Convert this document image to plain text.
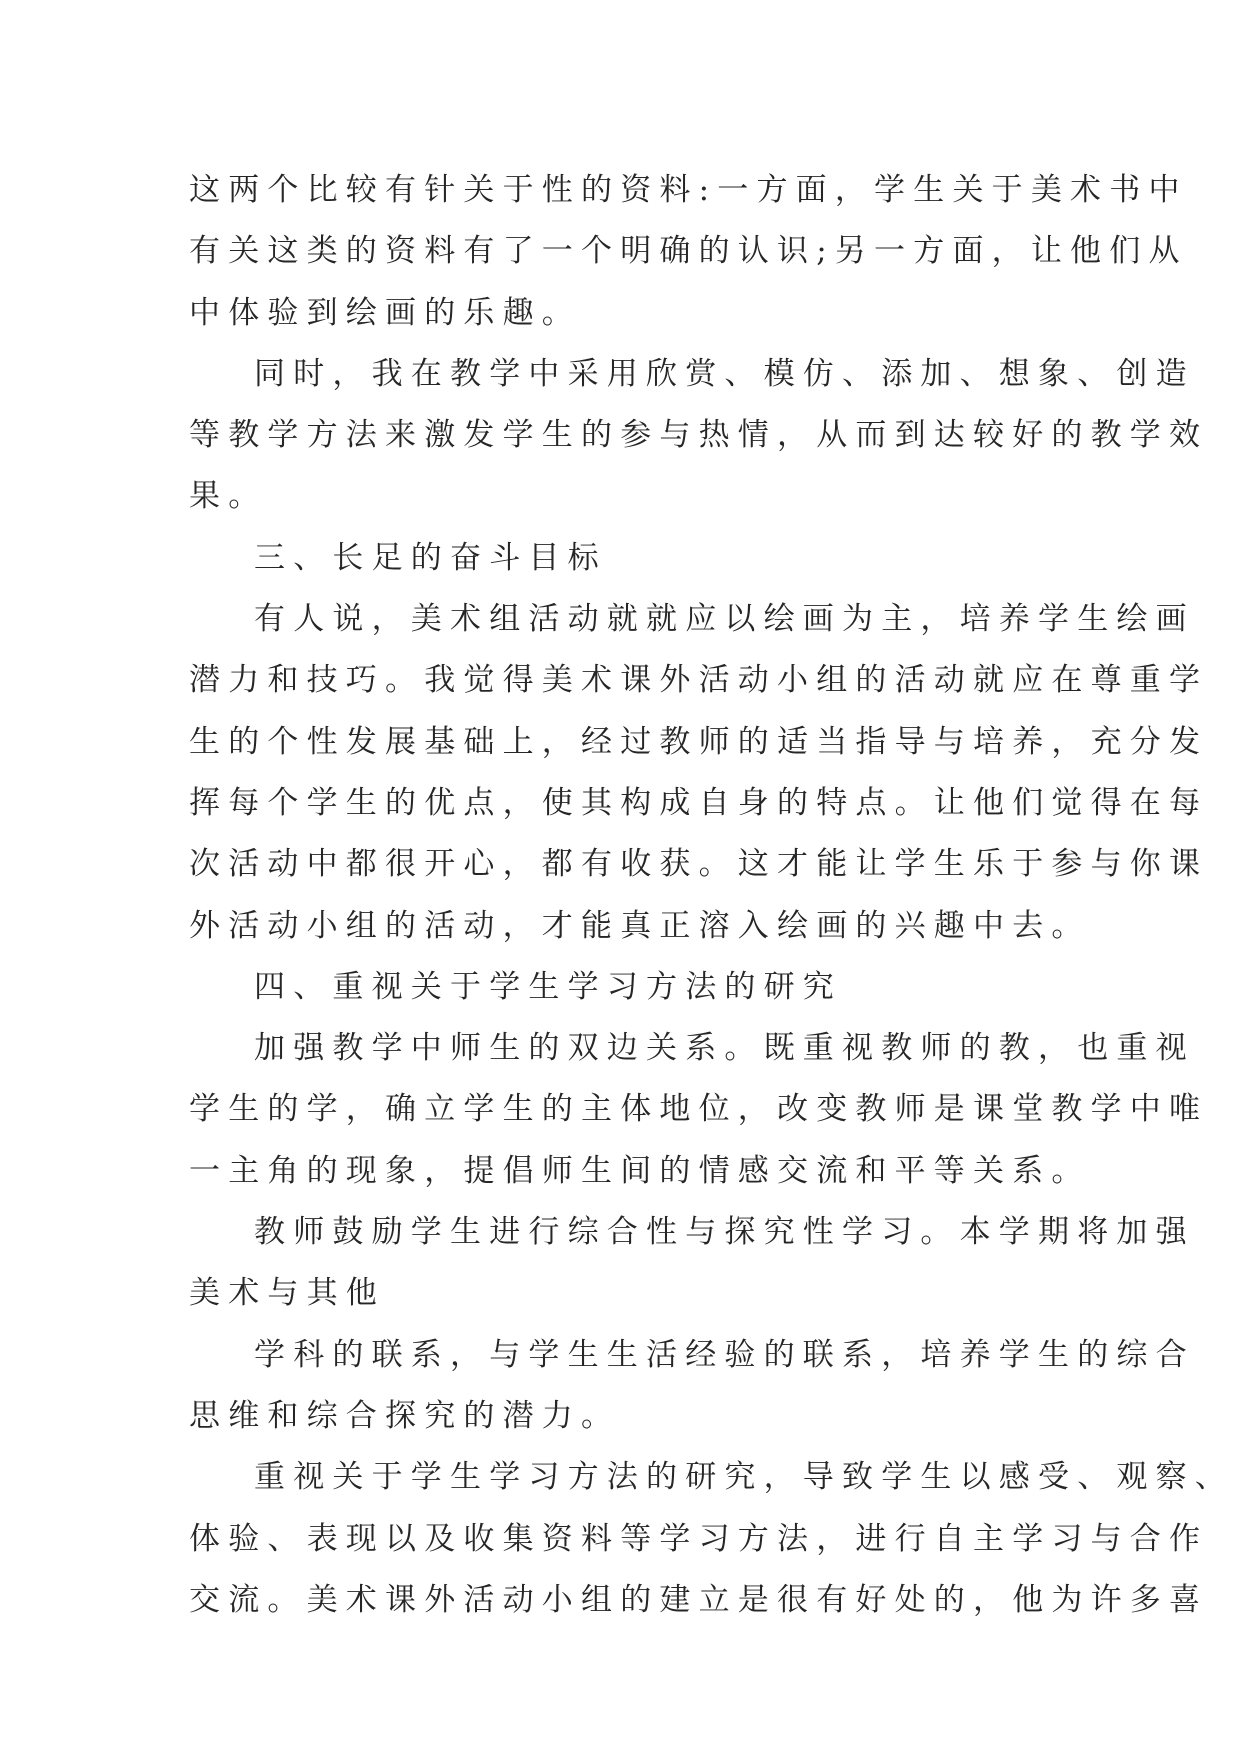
这两个比较有针关于性的资料:一方面，学生关于美术书中
有关这类的资料有了一个明确的认识;另一方面，让他们从
中体验到绘画的乐趣。
同时，我在教学中采用欣赏、模仿、添加、想象、创造
等教学方法来激发学生的参与热情，从而到达较好的教学效
果。
三、长足的奋斗目标
有人说，美术组活动就就应以绘画为主，培养学生绘画
潜力和技巧。我觉得美术课外活动小组的活动就应在尊重学
生的个性发展基础上，经过教师的适当指导与培养，充分发
挥每个学生的优点，使其构成自身的特点。让他们觉得在每
次活动中都很开心，都有收获。这才能让学生乐于参与你课
外活动小组的活动，才能真正溶入绘画的兴趣中去。
四、重视关于学生学习方法的研究
加强教学中师生的双边关系。既重视教师的教，也重视
学生的学，确立学生的主体地位，改变教师是课堂教学中唯
一主角的现象，提倡师生间的情感交流和平等关系。
教师鼓励学生进行综合性与探究性学习。本学期将加强
美术与其他
学科的联系，与学生生活经验的联系，培养学生的综合
思维和综合探究的潜力。
重视关于学生学习方法的研究，导致学生以感受、观察、
体验、表现以及收集资料等学习方法，进行自主学习与合作
交流。美术课外活动小组的建立是很有好处的，他为许多喜
